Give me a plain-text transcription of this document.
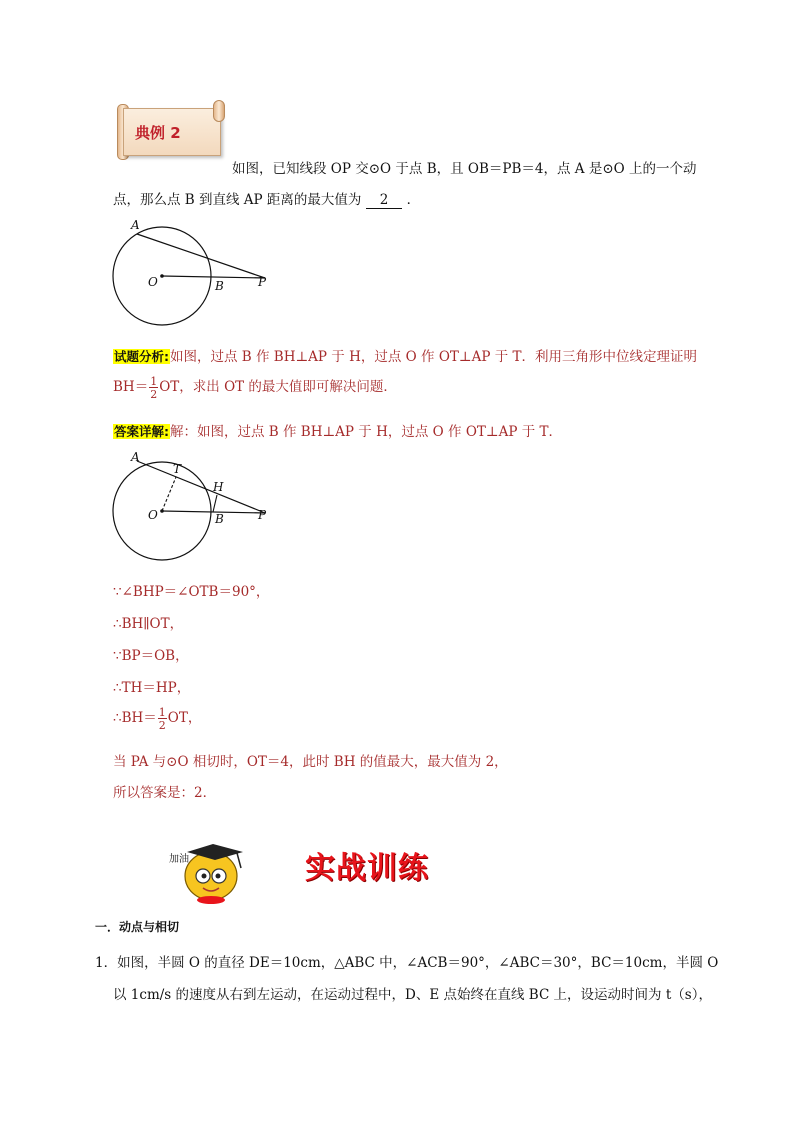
典例 2
如图，已知线段 OP 交⊙O 于点 B，且 OB＝PB＝4，点 A 是⊙O 上的一个动
点，那么点 B 到直线 AP 距离的最大值为 2 ．
A
O	B	P
试题分析:如图，过点 B 作 BH⊥AP 于 H，过点 O 作 OT⊥AP 于 T．利用三角形中位线定理证明
$BH= \frac{1}{2}$ OT，求出 OT 的最大值即可解决问题．
答案详解:解：如图，过点 B 作 BH⊥AP 于 H，过点 O 作 OT⊥AP 于 T．
A
T
H
O	B	P
∵∠BHP＝∠OTB＝90°，
∴BH∥OT，
∵BP＝OB，
∴TH＝HP，
∴BH＝ $\frac{1}{2}$ OT，
当 PA 与⊙O 相切时，OT＝4，此时 BH 的值最大，最大值为 2，
所以答案是：2．
加油	实战训练
一．动点与相切
1．如图，半圆 O 的直径 DE＝10cm，△ABC 中，∠ACB＝90°，∠ABC＝30°，BC＝10cm，半圆 O
以 1cm/s 的速度从右到左运动，在运动过程中，D、E 点始终在直线 BC 上，设运动时间为 t（s），
